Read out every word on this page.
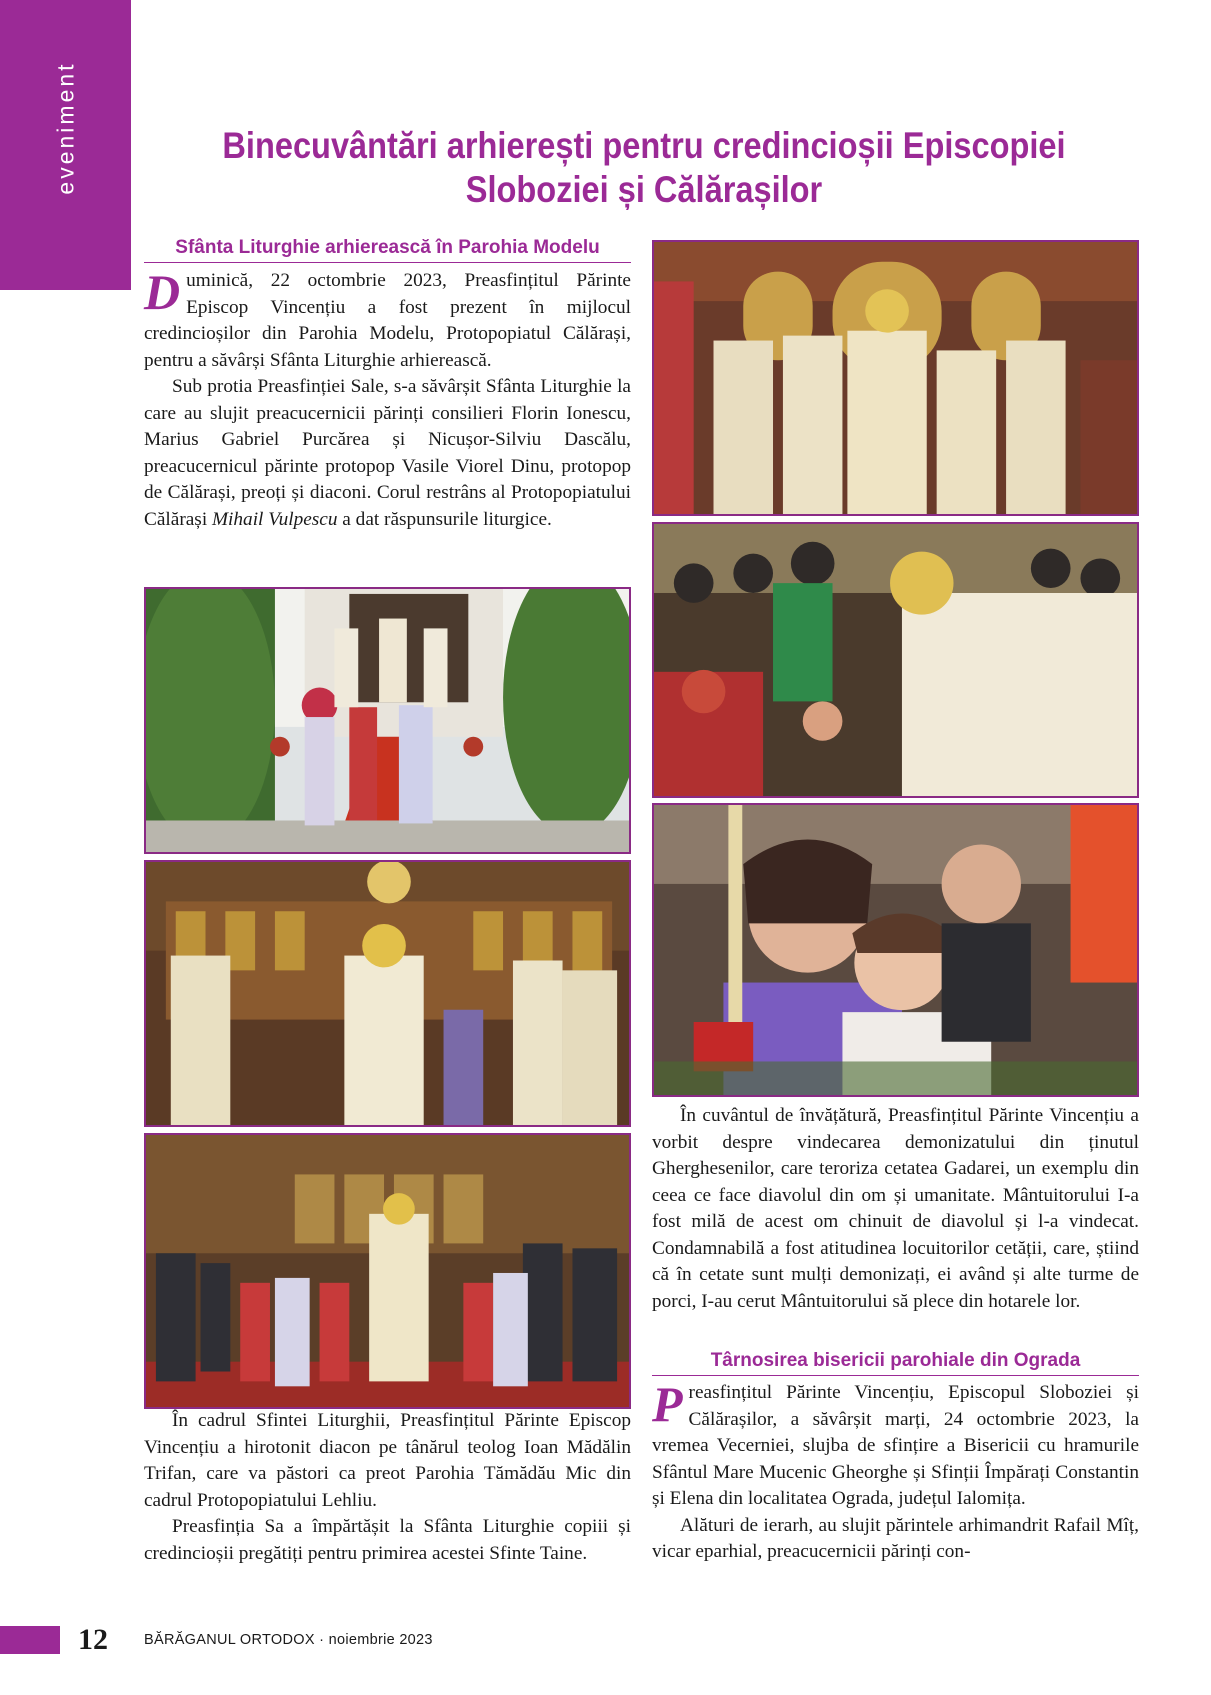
eveniment	Binecuvântări arhierești pentru credincioșii Episcopiei Sloboziei și Călărașilor
Sfânta Liturghie arhierească în Parohia Modelu

Duminică, 22 octombrie 2023, Preasfințitul Părinte Episcop Vincențiu a fost prezent în mijlocul credincioșilor din Parohia Modelu, Protopopiatul Călărași, pentru a săvârși Sfânta Liturghie arhierească.

Sub protia Preasfinției Sale, s-a săvârșit Sfânta Liturghie la care au slujit preacucernicii părinți consilieri Florin Ionescu, Marius Gabriel Purcărea și Nicușor-Silviu Dascălu, preacucernicul părinte protopop Vasile Viorel Dinu, protopop de Călărași, preoți și diaconi. Corul restrâns al Protopopiatului Călărași Mihail Vulpescu a dat răspunsurile liturgice.

În cadrul Sfintei Liturghii, Preasfințitul Părinte Episcop Vincențiu a hirotonit diacon pe tânărul teolog Ioan Mădălin Trifan, care va păstori ca preot Parohia Tămădău Mic din cadrul Protopopiatului Lehliu.

Preasfinția Sa a împărtășit la Sfânta Liturghie copiii și credincioșii pregătiți pentru primirea acestei Sfinte Taine.

În cuvântul de învățătură, Preasfințitul Părinte Vincențiu a vorbit despre vindecarea demonizatului din ținutul Gherghesenilor, care teroriza cetatea Gadarei, un exemplu din ceea ce face diavolul din om și umanitate. Mântuitorului I-a fost milă de acest om chinuit de diavolul și l-a vindecat. Condamnabilă a fost atitudinea locuitorilor cetății, care, știind că în cetate sunt mulți demonizați, ei având și alte turme de porci, I-au cerut Mântuitorului să plece din hotarele lor.

Târnosirea bisericii parohiale din Ograda

Preasfințitul Părinte Vincențiu, Episcopul Sloboziei și Călărașilor, a săvârșit marți, 24 octombrie 2023, la vremea Vecerniei, slujba de sfințire a Bisericii cu hramurile Sfântul Mare Mucenic Gheorghe și Sfinții Împărați Constantin și Elena din localitatea Ograda, județul Ialomița.

Alături de ierarh, au slujit părintele arhimandrit Rafail Mîț, vicar eparhial, preacucernicii părinți con-

12 BĂRĂGANUL ORTODOX · noiembrie 2023
